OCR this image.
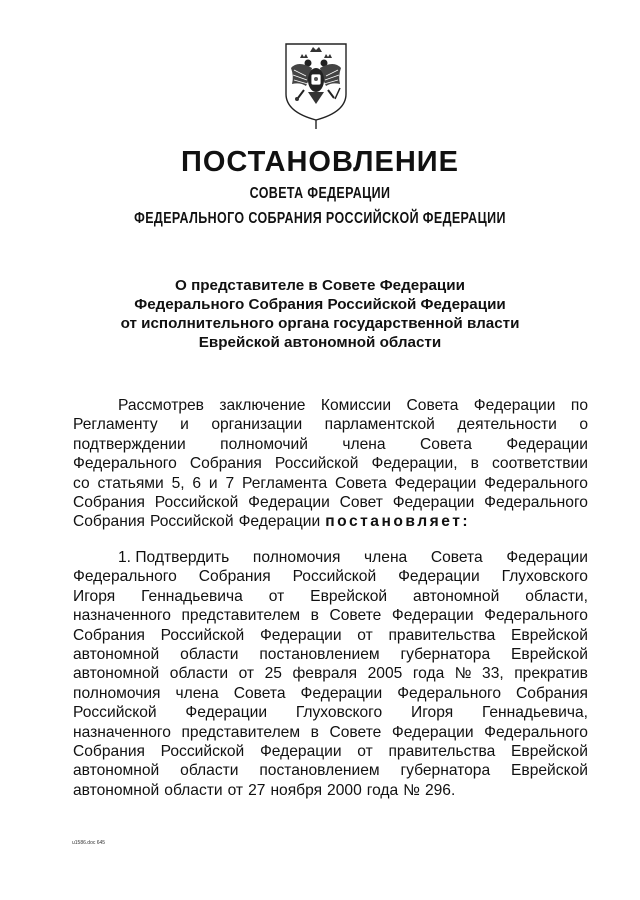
ПОСТАНОВЛЕНИЕ
СОВЕТА ФЕДЕРАЦИИ
ФЕДЕРАЛЬНОГО СОБРАНИЯ РОССИЙСКОЙ ФЕДЕРАЦИИ
О представителе в Совете Федерации
Федерального Собрания Российской Федерации
от исполнительного органа государственной власти
Еврейской автономной области
Рассмотрев заключение Комиссии Совета Федерации по
Регламенту и организации парламентской деятельности о
подтверждении полномочий члена Совета Федерации
Федерального Собрания Российской Федерации, в соответствии
со статьями 5, 6 и 7 Регламента Совета Федерации Федерального
Собрания Российской Федерации Совет Федерации Федерального
Собрания Российской Федерации постановляет:
1. Подтвердить полномочия члена Совета Федерации
Федерального Собрания Российской Федерации Глуховского
Игоря Геннадьевича от Еврейской автономной области,
назначенного представителем в Совете Федерации Федерального
Собрания Российской Федерации от правительства Еврейской
автономной области постановлением губернатора Еврейской
автономной области от 25 февраля 2005 года № 33, прекратив
полномочия члена Совета Федерации Федерального Собрания
Российской Федерации Глуховского Игоря Геннадьевича,
назначенного представителем в Совете Федерации Федерального
Собрания Российской Федерации от правительства Еврейской
автономной области постановлением губернатора Еврейской
автономной области от 27 ноября 2000 года № 296.
u1586.doc 645
